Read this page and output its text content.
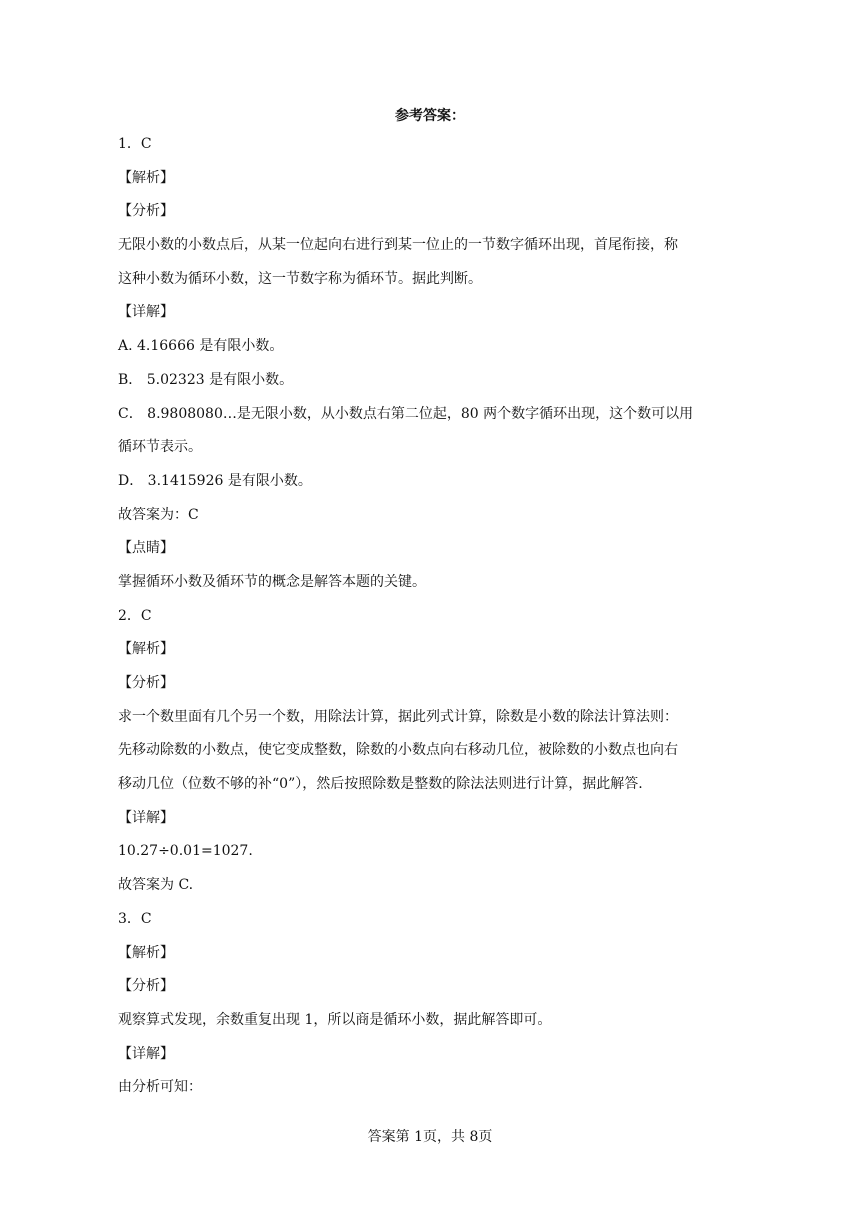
参考答案：
1．C
【解析】
【分析】
无限小数的小数点后，从某一位起向右进行到某一位止的一节数字循环出现，首尾衔接，称
这种小数为循环小数，这一节数字称为循环节。据此判断。
【详解】
A. 4.16666 是有限小数。
B． 5.02323 是有限小数。
C． 8.9808080…是无限小数，从小数点右第二位起，80 两个数字循环出现，这个数可以用
循环节表示。
D． 3.1415926 是有限小数。
故答案为：C
【点睛】
掌握循环小数及循环节的概念是解答本题的关键。
2．C
【解析】
【分析】
求一个数里面有几个另一个数，用除法计算，据此列式计算，除数是小数的除法计算法则：
先移动除数的小数点，使它变成整数，除数的小数点向右移动几位，被除数的小数点也向右
移动几位（位数不够的补“0”），然后按照除数是整数的除法法则进行计算，据此解答.
【详解】
10.27÷0.01=1027.
故答案为 C.
3．C
【解析】
【分析】
观察算式发现，余数重复出现 1，所以商是循环小数，据此解答即可。
【详解】
由分析可知：
答案第 1页，共 8页
